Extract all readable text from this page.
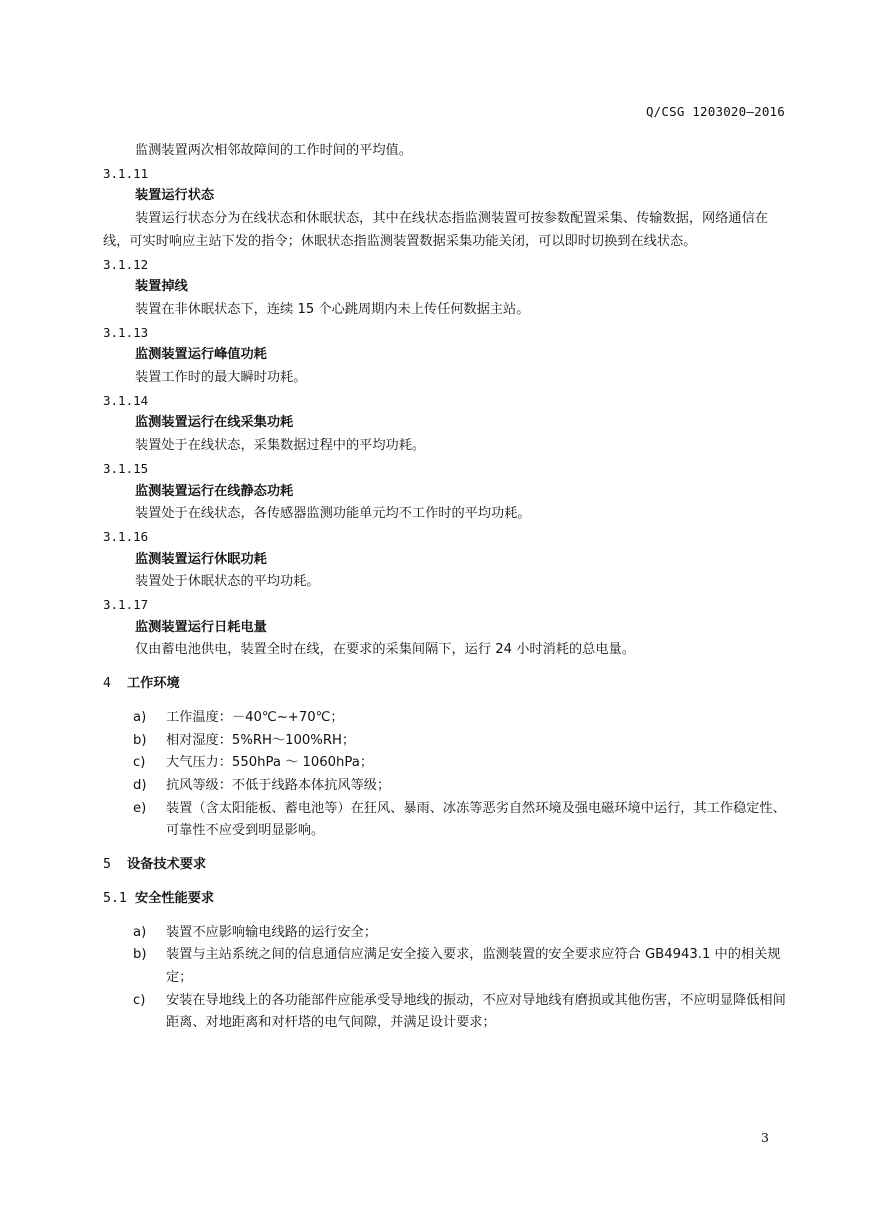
Q/CSG 1203020—2016
监测装置两次相邻故障间的工作时间的平均值。
3.1.11
装置运行状态
装置运行状态分为在线状态和休眠状态，其中在线状态指监测装置可按参数配置采集、传输数据，网络通信在线，可实时响应主站下发的指令；休眠状态指监测装置数据采集功能关闭，可以即时切换到在线状态。
3.1.12
装置掉线
装置在非休眠状态下，连续 15 个心跳周期内未上传任何数据主站。
3.1.13
监测装置运行峰值功耗
装置工作时的最大瞬时功耗。
3.1.14
监测装置运行在线采集功耗
装置处于在线状态，采集数据过程中的平均功耗。
3.1.15
监测装置运行在线静态功耗
装置处于在线状态，各传感器监测功能单元均不工作时的平均功耗。
3.1.16
监测装置运行休眠功耗
装置处于休眠状态的平均功耗。
3.1.17
监测装置运行日耗电量
仅由蓄电池供电，装置全时在线，在要求的采集间隔下，运行 24 小时消耗的总电量。
4 工作环境
a)	工作温度：－40℃~+70℃；
b)	相对湿度：5%RH～100%RH；
c)	大气压力：550hPa ～ 1060hPa；
d)	抗风等级：不低于线路本体抗风等级；
e)	装置（含太阳能板、蓄电池等）在狂风、暴雨、冰冻等恶劣自然环境及强电磁环境中运行，其工作稳定性、可靠性不应受到明显影响。
5 设备技术要求
5.1 安全性能要求
a)	装置不应影响输电线路的运行安全；
b)	装置与主站系统之间的信息通信应满足安全接入要求，监测装置的安全要求应符合 GB4943.1 中的相关规定；
c)	安装在导地线上的各功能部件应能承受导地线的振动，不应对导地线有磨损或其他伤害，不应明显降低相间距离、对地距离和对杆塔的电气间隙，并满足设计要求；
3
